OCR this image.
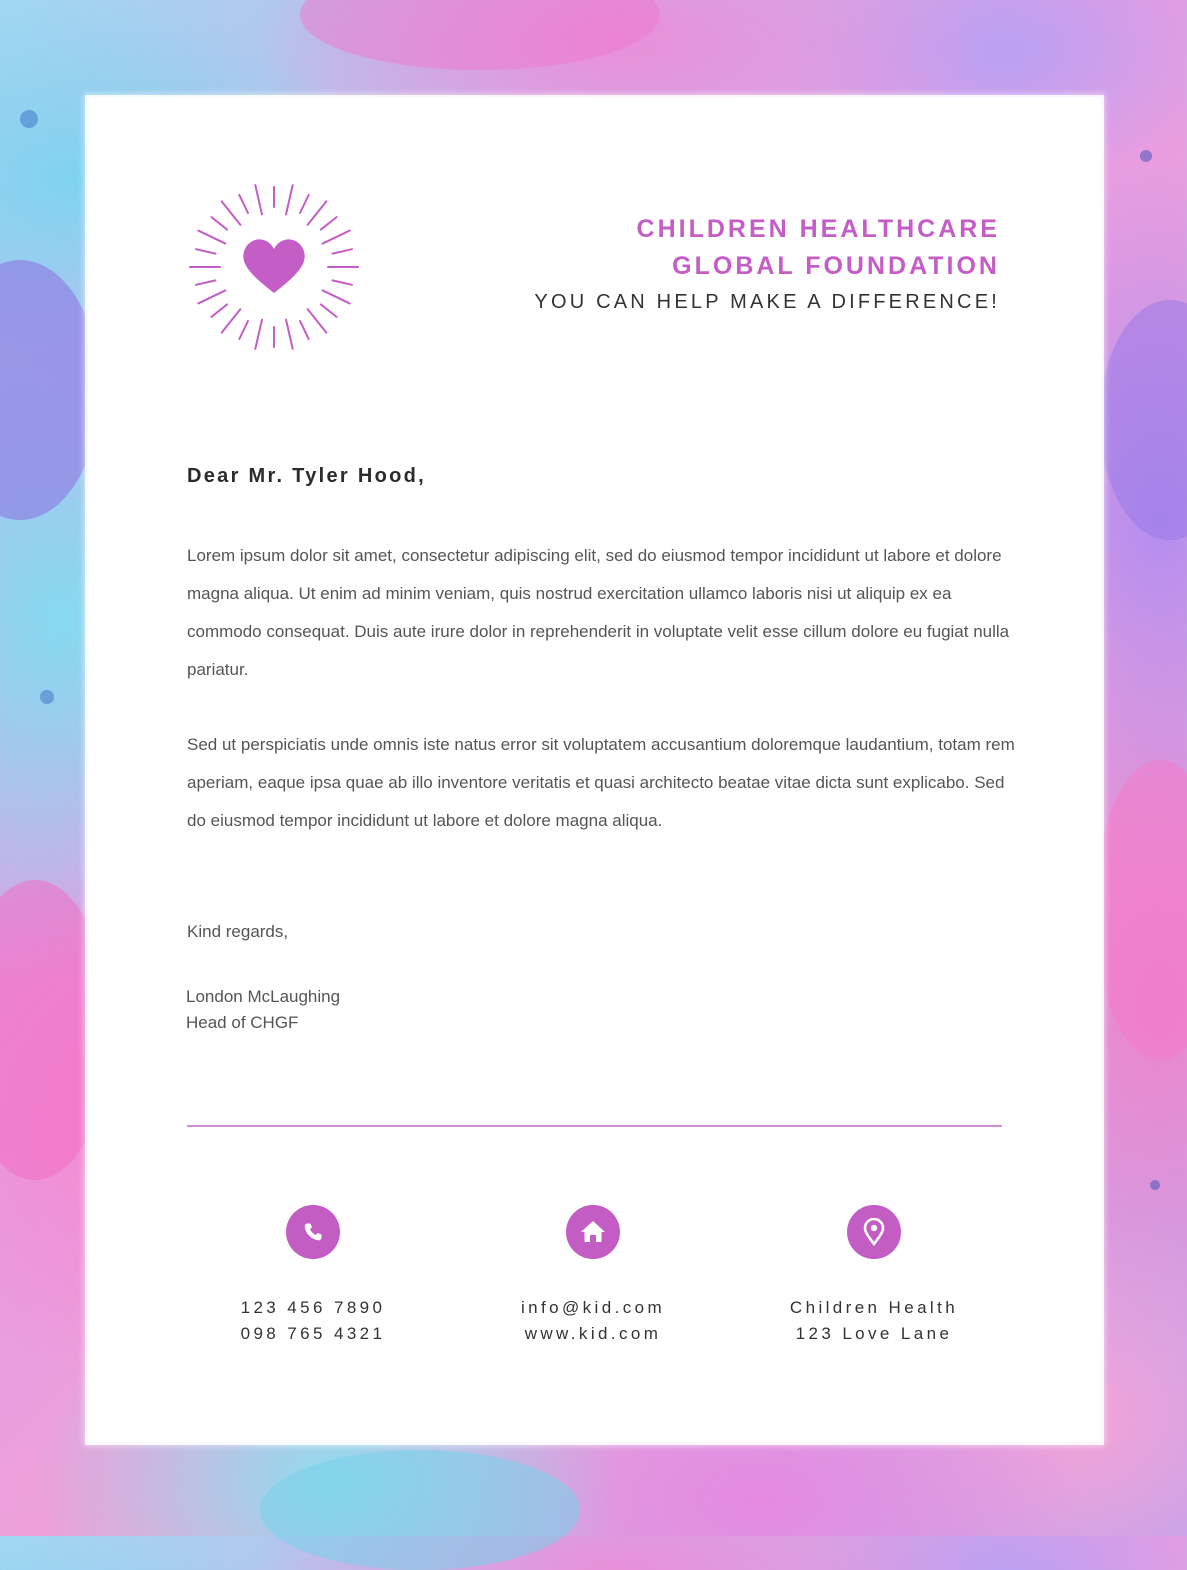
CHILDREN HEALTHCARE
GLOBAL FOUNDATION
YOU CAN HELP MAKE A DIFFERENCE!
Dear Mr. Tyler Hood,

Lorem ipsum dolor sit amet, consectetur adipiscing elit, sed do eiusmod tempor incididunt ut labore et dolore magna aliqua. Ut enim ad minim veniam, quis nostrud exercitation ullamco laboris nisi ut aliquip ex ea commodo consequat. Duis aute irure dolor in reprehenderit in voluptate velit esse cillum dolore eu fugiat nulla pariatur.

Sed ut perspiciatis unde omnis iste natus error sit voluptatem accusantium doloremque laudantium, totam rem aperiam, eaque ipsa quae ab illo inventore veritatis et quasi architecto beatae vitae dicta sunt explicabo. Sed do eiusmod tempor incididunt ut labore et dolore magna aliqua.

Kind regards,
London McLaughing
Head of CHGF
123 456 7890
098 765 4321
info@kid.com
www.kid.com
Children Health
123 Love Lane
